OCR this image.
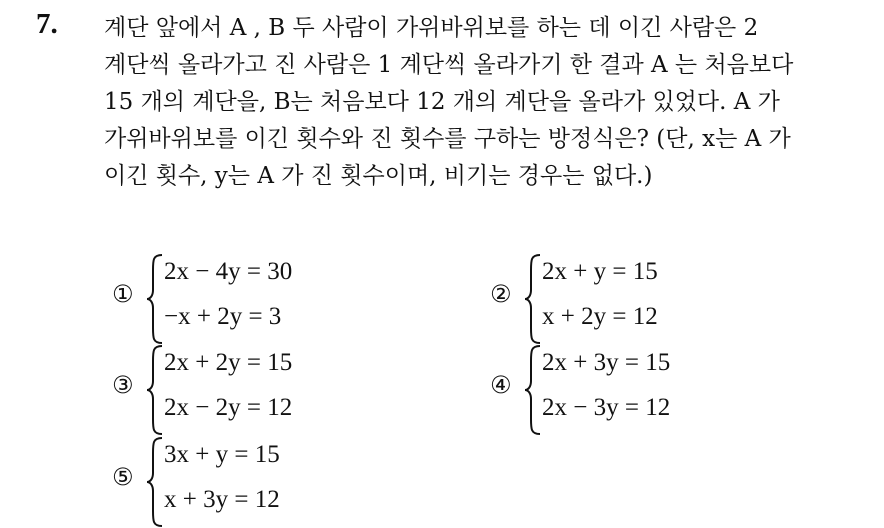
7. 계단 앞에서 A , B 두 사람이 가위바위보를 하는 데 이긴 사람은 2
계단씩 올라가고 진 사람은 1 계단씩 올라가기 한 결과 A 는 처음보다
15 개의 계단을, B는 처음보다 12 개의 계단을 올라가 있었다. A 가
가위바위보를 이긴 횟수와 진 횟수를 구하는 방정식은? (단, x는 A 가
이긴 횟수, y는 A 가 진 횟수이며, 비기는 경우는 없다.)

①
2x − 4y = 30
−x + 2y = 3
②
2x + y = 15
x + 2y = 12
③
2x + 2y = 15
2x − 2y = 12
④
2x + 3y = 15
2x − 3y = 12
⑤
3x + y = 15
x + 3y = 12
